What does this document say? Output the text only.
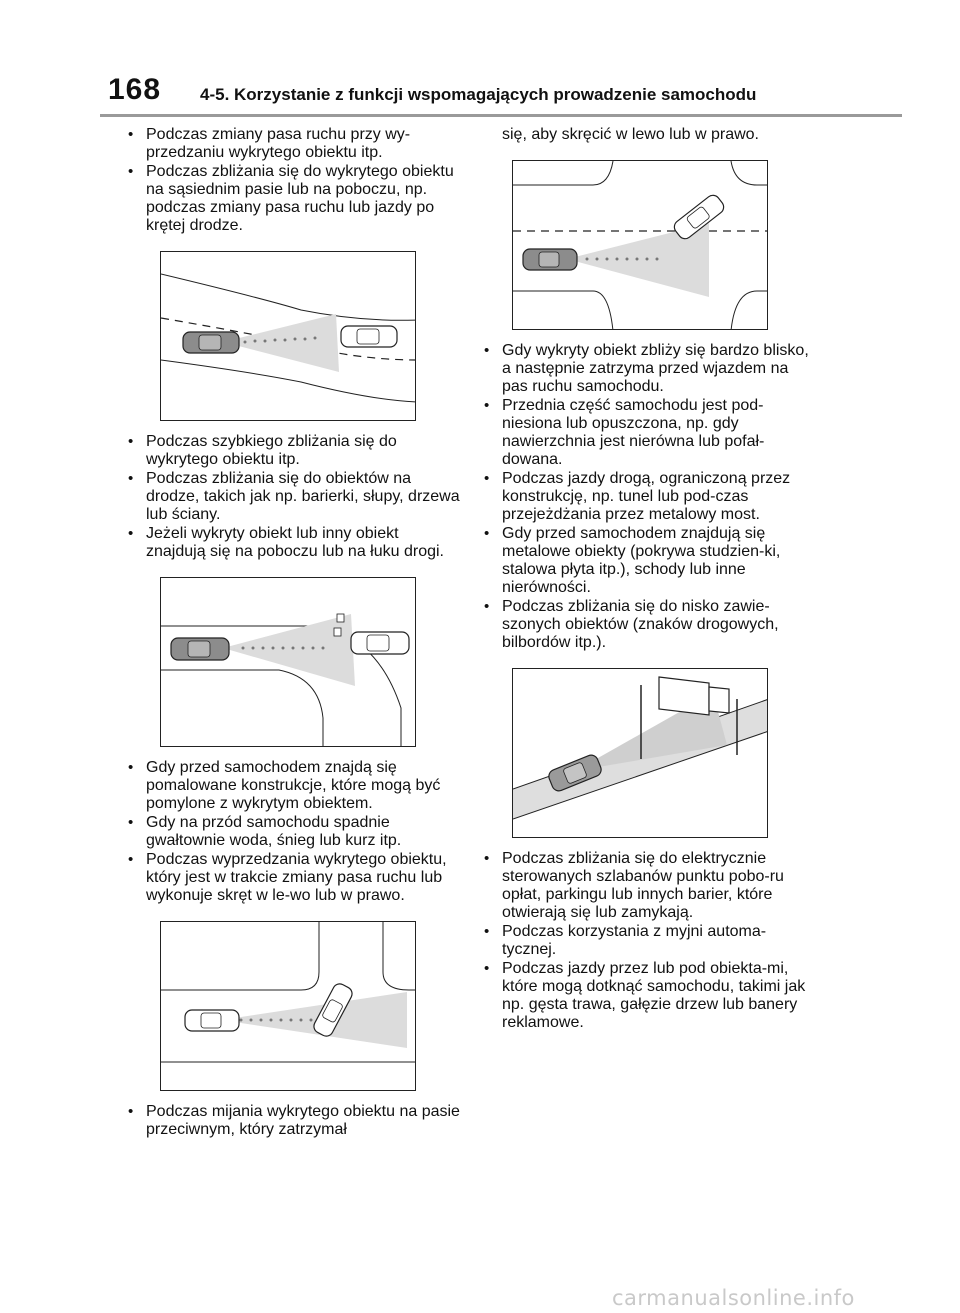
168 4-5. Korzystanie z funkcji wspomagających prowadzenie samochodu
• Podczas zmiany pasa ruchu przy wy-przedzaniu wykrytego obiektu itp.
• Podczas zbliżania się do wykrytego obiektu na sąsiednim pasie lub na poboczu, np. podczas zmiany pasa ruchu lub jazdy po krętej drodze.
• Podczas szybkiego zbliżania się do wykrytego obiektu itp.
• Podczas zbliżania się do obiektów na drodze, takich jak np. barierki, słupy, drzewa lub ściany.
• Jeżeli wykryty obiekt lub inny obiekt znajdują się na poboczu lub na łuku drogi.
• Gdy przed samochodem znajdą się pomalowane konstrukcje, które mogą być pomylone z wykrytym obiektem.
• Gdy na przód samochodu spadnie gwałtownie woda, śnieg lub kurz itp.
• Podczas wyprzedzania wykrytego obiektu, który jest w trakcie zmiany pasa ruchu lub wykonuje skręt w le-wo lub w prawo.
• Podczas mijania wykrytego obiektu na pasie przeciwnym, który zatrzymał
się, aby skręcić w lewo lub w prawo.
• Gdy wykryty obiekt zbliży się bardzo blisko, a następnie zatrzyma przed wjazdem na pas ruchu samochodu.
• Przednia część samochodu jest pod-niesiona lub opuszczona, np. gdy nawierzchnia jest nierówna lub pofał-dowana.
• Podczas jazdy drogą, ograniczoną przez konstrukcję, np. tunel lub pod-czas przejeżdżania przez metalowy most.
• Gdy przed samochodem znajdują się metalowe obiekty (pokrywa studzien-ki, stalowa płyta itp.), schody lub inne nierówności.
• Podczas zbliżania się do nisko zawie-szonych obiektów (znaków drogowych, bilbordów itp.).
• Podczas zbliżania się do elektrycznie sterowanych szlabanów punktu pobo-ru opłat, parkingu lub innych barier, które otwierają się lub zamykają.
• Podczas korzystania z myjni automa-tycznej.
• Podczas jazdy przez lub pod obiekta-mi, które mogą dotknąć samochodu, takimi jak np. gęsta trawa, gałęzie drzew lub banery reklamowe.
carmanualsonline.info
